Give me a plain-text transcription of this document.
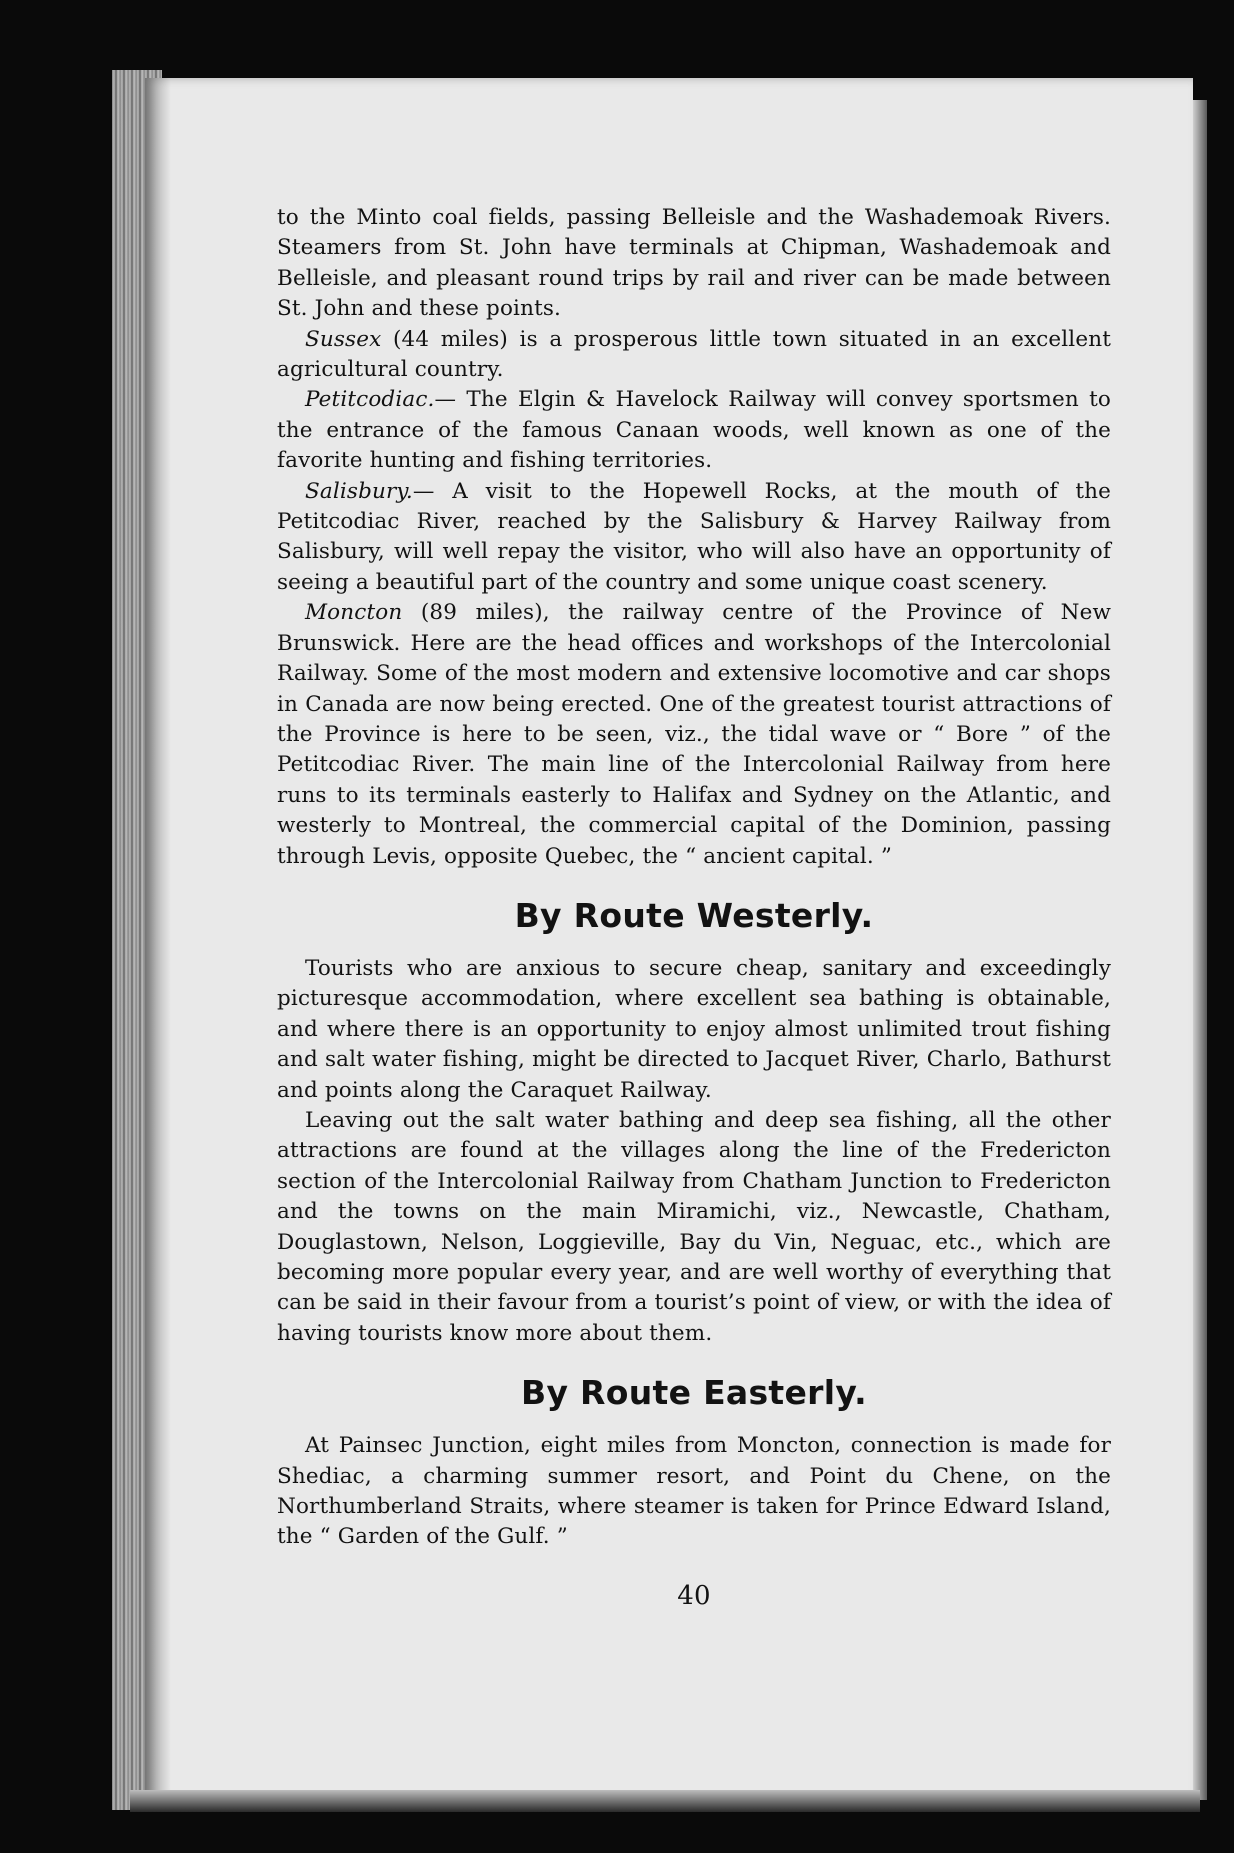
to the Minto coal fields, passing Belleisle and the Washademoak Rivers. Steamers from St. John have terminals at Chipman, Washademoak and Belleisle, and pleasant round trips by rail and river can be made between St. John and these points.

Sussex (44 miles) is a prosperous little town situated in an excellent agricultural country.

Petitcodiac.— The Elgin & Havelock Railway will convey sportsmen to the entrance of the famous Canaan woods, well known as one of the favorite hunting and fishing territories.

Salisbury.— A visit to the Hopewell Rocks, at the mouth of the Petitcodiac River, reached by the Salisbury & Harvey Railway from Salisbury, will well repay the visitor, who will also have an opportunity of seeing a beautiful part of the country and some unique coast scenery.

Moncton (89 miles), the railway centre of the Province of New Brunswick. Here are the head offices and workshops of the Intercolonial Railway. Some of the most modern and extensive locomotive and car shops in Canada are now being erected. One of the greatest tourist attractions of the Province is here to be seen, viz., the tidal wave or “ Bore ” of the Petitcodiac River. The main line of the Intercolonial Railway from here runs to its terminals easterly to Halifax and Sydney on the Atlantic, and westerly to Montreal, the commercial capital of the Dominion, passing through Levis, opposite Quebec, the “ ancient capital. ”

By Route Westerly.

Tourists who are anxious to secure cheap, sanitary and exceedingly picturesque accommodation, where excellent sea bathing is obtainable, and where there is an opportunity to enjoy almost unlimited trout fishing and salt water fishing, might be directed to Jacquet River, Charlo, Bathurst and points along the Caraquet Railway.

Leaving out the salt water bathing and deep sea fishing, all the other attractions are found at the villages along the line of the Fredericton section of the Intercolonial Railway from Chatham Junction to Fredericton and the towns on the main Miramichi, viz., Newcastle, Chatham, Douglastown, Nelson, Loggieville, Bay du Vin, Neguac, etc., which are becoming more popular every year, and are well worthy of everything that can be said in their favour from a tourist’s point of view, or with the idea of having tourists know more about them.

By Route Easterly.

At Painsec Junction, eight miles from Moncton, connection is made for Shediac, a charming summer resort, and Point du Chene, on the Northumberland Straits, where steamer is taken for Prince Edward Island, the “ Garden of the Gulf. ”

40
